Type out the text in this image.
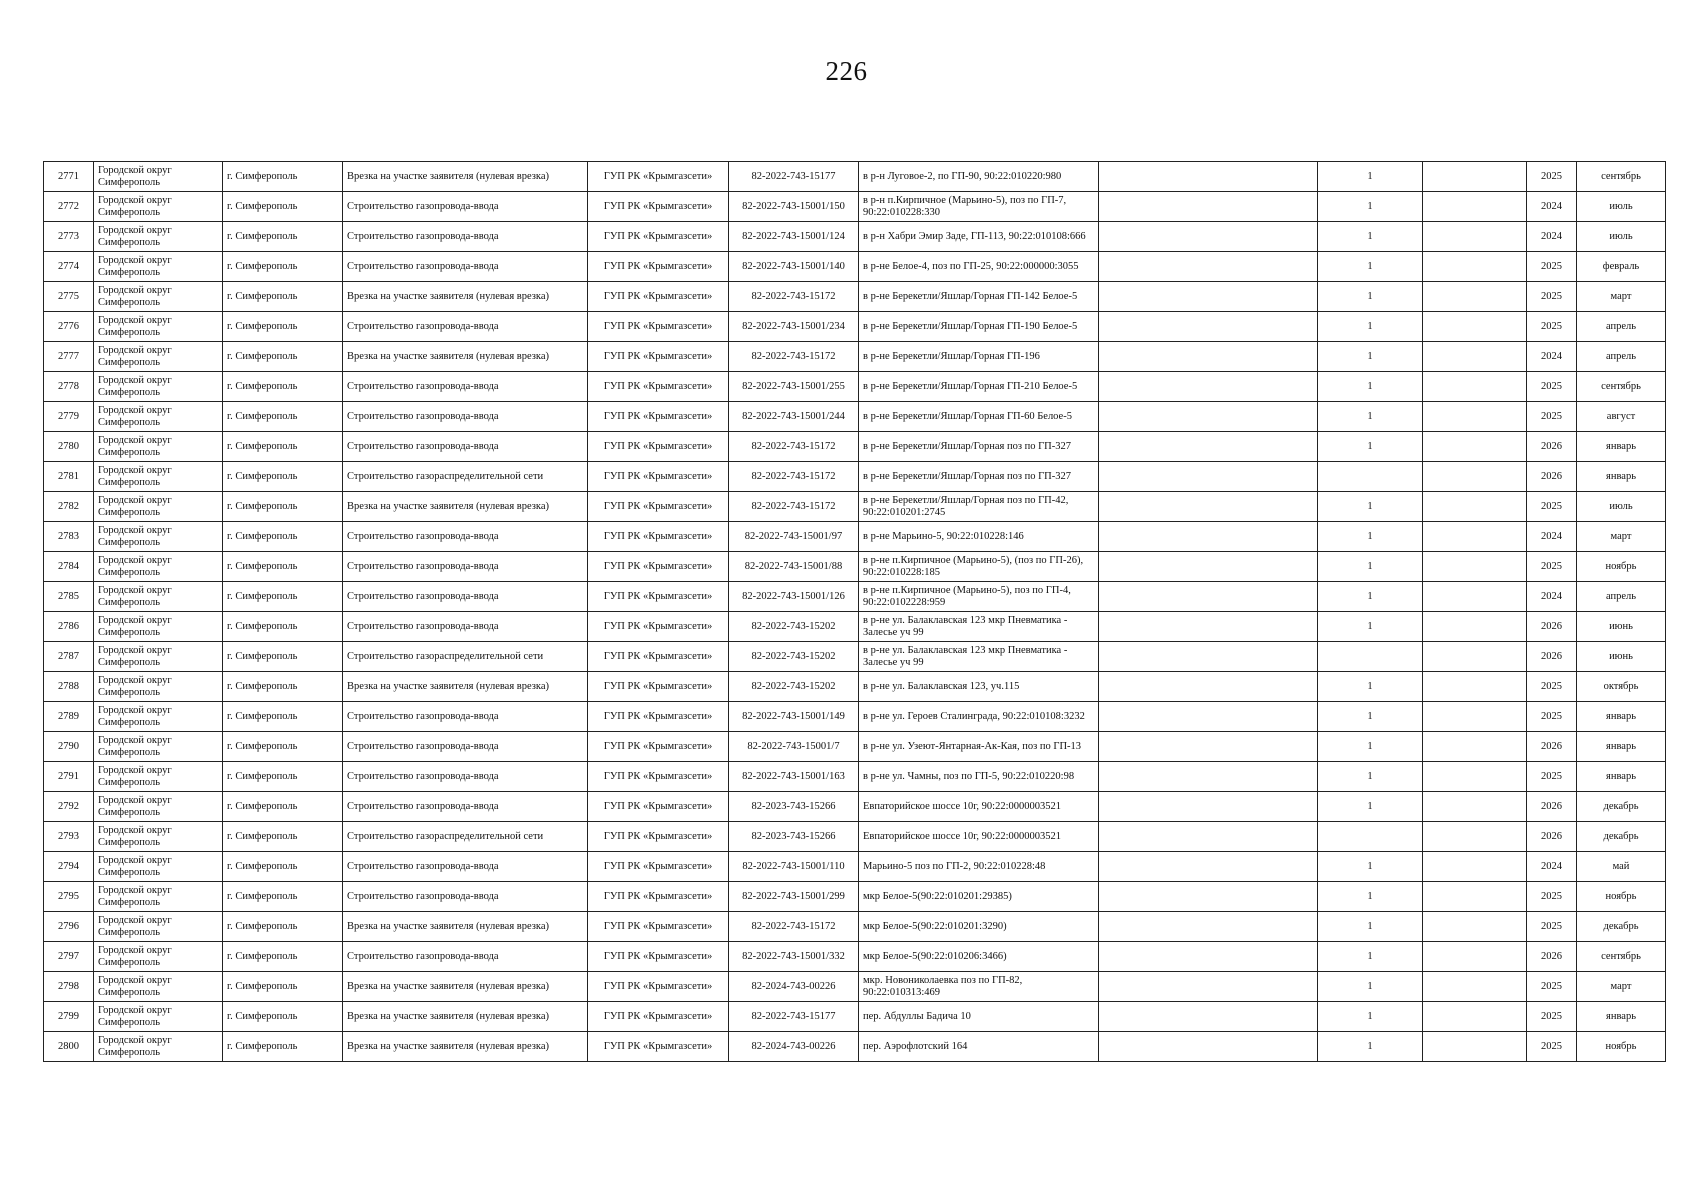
226
2771	Городской округ Симферополь	г. Симферополь	Врезка на участке заявителя (нулевая врезка)	ГУП РК «Крымгазсети»	82-2022-743-15177	в р-н Луговое-2, по ГП-90, 90:22:010220:980		1		2025	сентябрь
2772	Городской округ Симферополь	г. Симферополь	Строительство газопровода-ввода	ГУП РК «Крымгазсети»	82-2022-743-15001/150	в р-н п.Кирпичное (Марьино-5), поз по ГП-7, 90:22:010228:330		1		2024	июль
2773	Городской округ Симферополь	г. Симферополь	Строительство газопровода-ввода	ГУП РК «Крымгазсети»	82-2022-743-15001/124	в р-н Хабри Эмир Заде, ГП-113, 90:22:010108:666		1		2024	июль
2774	Городской округ Симферополь	г. Симферополь	Строительство газопровода-ввода	ГУП РК «Крымгазсети»	82-2022-743-15001/140	в р-не Белое-4, поз по ГП-25, 90:22:000000:3055		1		2025	февраль
2775	Городской округ Симферополь	г. Симферополь	Врезка на участке заявителя (нулевая врезка)	ГУП РК «Крымгазсети»	82-2022-743-15172	в р-не Берекетли/Яшлар/Горная ГП-142 Белое-5		1		2025	март
2776	Городской округ Симферополь	г. Симферополь	Строительство газопровода-ввода	ГУП РК «Крымгазсети»	82-2022-743-15001/234	в р-не Берекетли/Яшлар/Горная ГП-190 Белое-5		1		2025	апрель
2777	Городской округ Симферополь	г. Симферополь	Врезка на участке заявителя (нулевая врезка)	ГУП РК «Крымгазсети»	82-2022-743-15172	в р-не Берекетли/Яшлар/Горная ГП-196		1		2024	апрель
2778	Городской округ Симферополь	г. Симферополь	Строительство газопровода-ввода	ГУП РК «Крымгазсети»	82-2022-743-15001/255	в р-не Берекетли/Яшлар/Горная ГП-210 Белое-5		1		2025	сентябрь
2779	Городской округ Симферополь	г. Симферополь	Строительство газопровода-ввода	ГУП РК «Крымгазсети»	82-2022-743-15001/244	в р-не Берекетли/Яшлар/Горная ГП-60 Белое-5		1		2025	август
2780	Городской округ Симферополь	г. Симферополь	Строительство газопровода-ввода	ГУП РК «Крымгазсети»	82-2022-743-15172	в р-не Берекетли/Яшлар/Горная поз по ГП-327		1		2026	январь
2781	Городской округ Симферополь	г. Симферополь	Строительство газораспределительной сети	ГУП РК «Крымгазсети»	82-2022-743-15172	в р-не Берекетли/Яшлар/Горная поз по ГП-327				2026	январь
2782	Городской округ Симферополь	г. Симферополь	Врезка на участке заявителя (нулевая врезка)	ГУП РК «Крымгазсети»	82-2022-743-15172	в р-не Берекетли/Яшлар/Горная поз по ГП-42, 90:22:010201:2745		1		2025	июль
2783	Городской округ Симферополь	г. Симферополь	Строительство газопровода-ввода	ГУП РК «Крымгазсети»	82-2022-743-15001/97	в р-не Марьино-5, 90:22:010228:146		1		2024	март
2784	Городской округ Симферополь	г. Симферополь	Строительство газопровода-ввода	ГУП РК «Крымгазсети»	82-2022-743-15001/88	в р-не п.Кирпичное (Марьино-5), (поз по ГП-26), 90:22:010228:185		1		2025	ноябрь
2785	Городской округ Симферополь	г. Симферополь	Строительство газопровода-ввода	ГУП РК «Крымгазсети»	82-2022-743-15001/126	в р-не п.Кирпичное (Марьино-5), поз по ГП-4, 90:22:0102228:959		1		2024	апрель
2786	Городской округ Симферополь	г. Симферополь	Строительство газопровода-ввода	ГУП РК «Крымгазсети»	82-2022-743-15202	в р-не ул. Балаклавская 123 мкр Пневматика - Залесье уч 99		1		2026	июнь
2787	Городской округ Симферополь	г. Симферополь	Строительство газораспределительной сети	ГУП РК «Крымгазсети»	82-2022-743-15202	в р-не ул. Балаклавская 123 мкр Пневматика - Залесье уч 99				2026	июнь
2788	Городской округ Симферополь	г. Симферополь	Врезка на участке заявителя (нулевая врезка)	ГУП РК «Крымгазсети»	82-2022-743-15202	в р-не ул. Балаклавская 123, уч.115		1		2025	октябрь
2789	Городской округ Симферополь	г. Симферополь	Строительство газопровода-ввода	ГУП РК «Крымгазсети»	82-2022-743-15001/149	в р-не ул. Героев Сталинграда, 90:22:010108:3232		1		2025	январь
2790	Городской округ Симферополь	г. Симферополь	Строительство газопровода-ввода	ГУП РК «Крымгазсети»	82-2022-743-15001/7	в р-не ул. Узеют-Янтарная-Ак-Кая, поз по ГП-13		1		2026	январь
2791	Городской округ Симферополь	г. Симферополь	Строительство газопровода-ввода	ГУП РК «Крымгазсети»	82-2022-743-15001/163	в р-не ул. Чамны, поз по ГП-5, 90:22:010220:98		1		2025	январь
2792	Городской округ Симферополь	г. Симферополь	Строительство газопровода-ввода	ГУП РК «Крымгазсети»	82-2023-743-15266	Евпаторийское шоссе 10г, 90:22:0000003521		1		2026	декабрь
2793	Городской округ Симферополь	г. Симферополь	Строительство газораспределительной сети	ГУП РК «Крымгазсети»	82-2023-743-15266	Евпаторийское шоссе 10г, 90:22:0000003521				2026	декабрь
2794	Городской округ Симферополь	г. Симферополь	Строительство газопровода-ввода	ГУП РК «Крымгазсети»	82-2022-743-15001/110	Марьино-5 поз по ГП-2, 90:22:010228:48		1		2024	май
2795	Городской округ Симферополь	г. Симферополь	Строительство газопровода-ввода	ГУП РК «Крымгазсети»	82-2022-743-15001/299	мкр Белое-5(90:22:010201:29385)		1		2025	ноябрь
2796	Городской округ Симферополь	г. Симферополь	Врезка на участке заявителя (нулевая врезка)	ГУП РК «Крымгазсети»	82-2022-743-15172	мкр Белое-5(90:22:010201:3290)		1		2025	декабрь
2797	Городской округ Симферополь	г. Симферополь	Строительство газопровода-ввода	ГУП РК «Крымгазсети»	82-2022-743-15001/332	мкр Белое-5(90:22:010206:3466)		1		2026	сентябрь
2798	Городской округ Симферополь	г. Симферополь	Врезка на участке заявителя (нулевая врезка)	ГУП РК «Крымгазсети»	82-2024-743-00226	мкр. Новониколаевка поз по ГП-82, 90:22:010313:469		1		2025	март
2799	Городской округ Симферополь	г. Симферополь	Врезка на участке заявителя (нулевая врезка)	ГУП РК «Крымгазсети»	82-2022-743-15177	пер. Абдуллы Бадича 10		1		2025	январь
2800	Городской округ Симферополь	г. Симферополь	Врезка на участке заявителя (нулевая врезка)	ГУП РК «Крымгазсети»	82-2024-743-00226	пер. Аэрофлотский 164		1		2025	ноябрь
